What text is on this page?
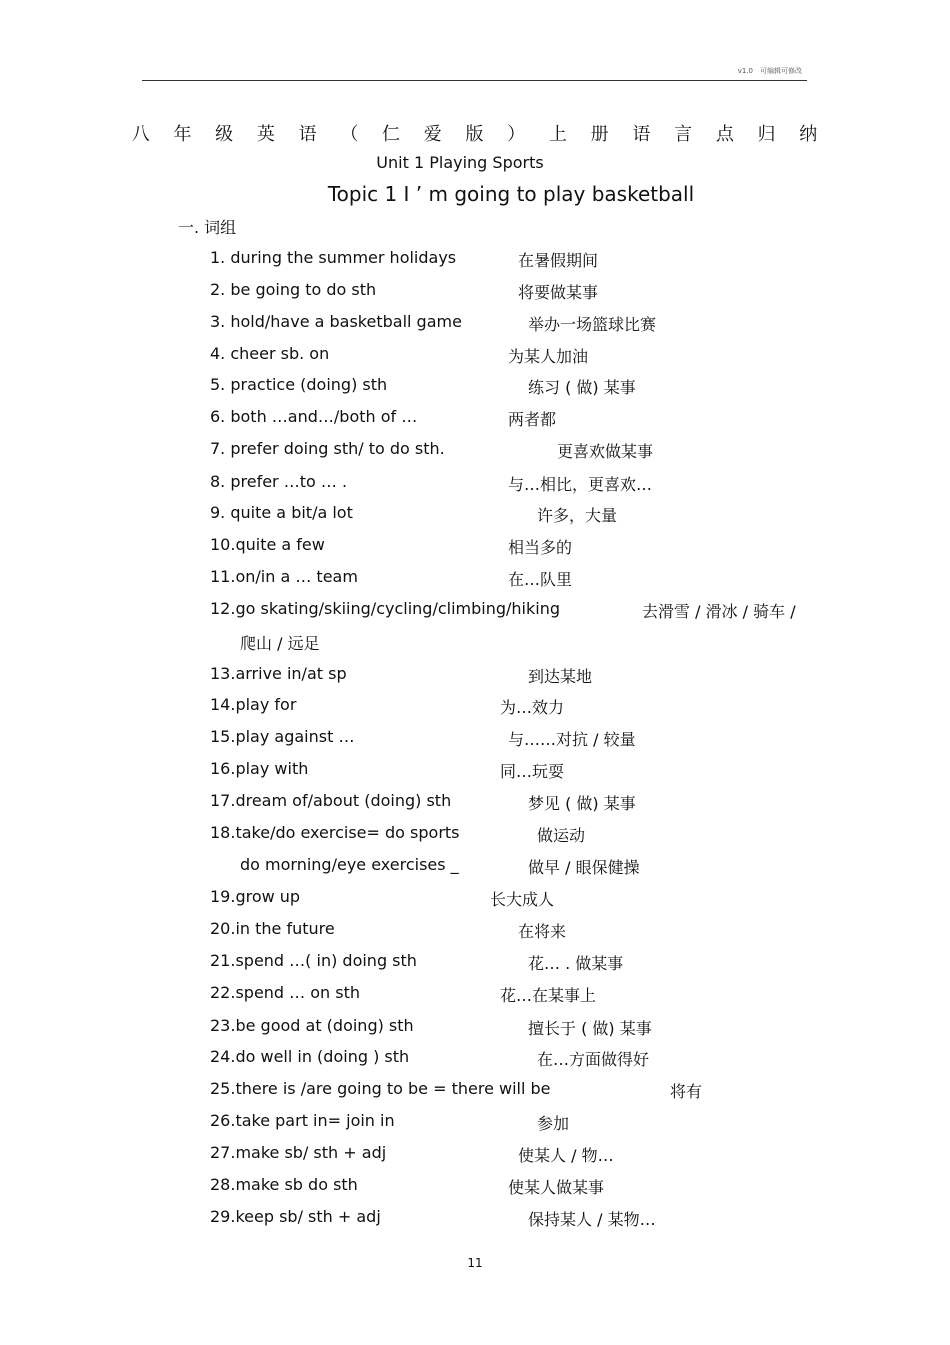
v1.0　可编辑可修改
八 年 级 英 语 （ 仁 爱 版 ） 上 册 语 言 点 归 纳
Unit 1 Playing Sports
Topic 1 I ’ m going to play basketball
一. 词组
1. during the summer holidays	在暑假期间
2. be going to do sth	将要做某事
3. hold/have a basketball game	举办一场篮球比赛
4. cheer sb. on	为某人加油
5. practice (doing) sth	练习 ( 做) 某事
6. both …and…/both of …	两者都
7. prefer doing sth/ to do sth.	更喜欢做某事
8. prefer …to … .	与…相比，更喜欢…
9. quite a bit/a lot	许多，大量
10.quite a few	相当多的
11.on/in a … team	在…队里
12.go skating/skiing/cycling/climbing/hiking	去滑雪 / 滑冰 / 骑车 /
爬山 / 远足
13.arrive in/at sp	到达某地
14.play for	为…效力
15.play against …	与……对抗 / 较量
16.play with	同…玩耍
17.dream of/about (doing) sth	梦见 ( 做) 某事
18.take/do exercise= do sports	做运动
do morning/eye exercises _	做早 / 眼保健操
19.grow up	长大成人
20.in the future	在将来
21.spend …( in) doing sth	花… . 做某事
22.spend … on sth	花…在某事上
23.be good at (doing) sth	擅长于 ( 做) 某事
24.do well in (doing ) sth	在…方面做得好
25.there is /are going to be = there will be	将有
26.take part in= join in	参加
27.make sb/ sth + adj	使某人 / 物…
28.make sb do sth	使某人做某事
29.keep sb/ sth + adj	保持某人 / 某物…
11
